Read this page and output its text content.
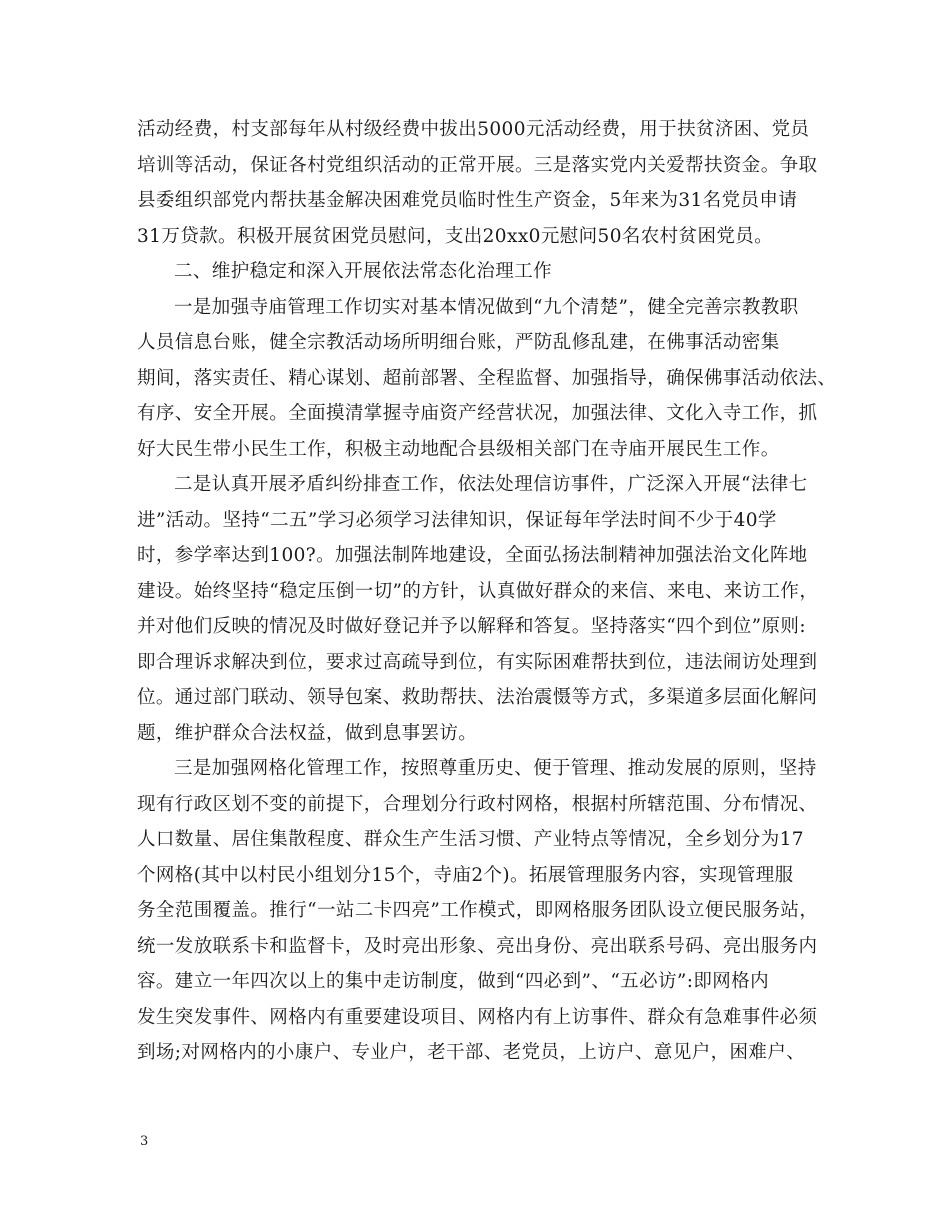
活动经费，村支部每年从村级经费中拔出5000元活动经费，用于扶贫济困、党员
培训等活动，保证各村党组织活动的正常开展。三是落实党内关爱帮扶资金。争取
县委组织部党内帮扶基金解决困难党员临时性生产资金，5年来为31名党员申请
31万贷款。积极开展贫困党员慰问，支出20xx0元慰问50名农村贫困党员。
二、维护稳定和深入开展依法常态化治理工作
一是加强寺庙管理工作切实对基本情况做到“九个清楚”，健全完善宗教教职
人员信息台账，健全宗教活动场所明细台账，严防乱修乱建，在佛事活动密集
期间，落实责任、精心谋划、超前部署、全程监督、加强指导，确保佛事活动依法、
有序、安全开展。全面摸清掌握寺庙资产经营状况，加强法律、文化入寺工作，抓
好大民生带小民生工作，积极主动地配合县级相关部门在寺庙开展民生工作。
二是认真开展矛盾纠纷排查工作，依法处理信访事件，广泛深入开展“法律七
进”活动。坚持“二五”学习必须学习法律知识，保证每年学法时间不少于40学
时，参学率达到100?。加强法制阵地建设，全面弘扬法制精神加强法治文化阵地
建设。始终坚持“稳定压倒一切”的方针，认真做好群众的来信、来电、来访工作，
并对他们反映的情况及时做好登记并予以解释和答复。坚持落实“四个到位”原则:
即合理诉求解决到位，要求过高疏导到位，有实际困难帮扶到位，违法闹访处理到
位。通过部门联动、领导包案、救助帮扶、法治震慑等方式，多渠道多层面化解问
题，维护群众合法权益，做到息事罢访。
三是加强网格化管理工作，按照尊重历史、便于管理、推动发展的原则，坚持
现有行政区划不变的前提下，合理划分行政村网格，根据村所辖范围、分布情况、
人口数量、居住集散程度、群众生产生活习惯、产业特点等情况，全乡划分为17
个网格(其中以村民小组划分15个，寺庙2个)。拓展管理服务内容，实现管理服
务全范围覆盖。推行“一站二卡四亮”工作模式，即网格服务团队设立便民服务站，
统一发放联系卡和监督卡，及时亮出形象、亮出身份、亮出联系号码、亮出服务内
容。建立一年四次以上的集中走访制度，做到“四必到”、“五必访”:即网格内
发生突发事件、网格内有重要建设项目、网格内有上访事件、群众有急难事件必须
到场;对网格内的小康户、专业户，老干部、老党员，上访户、意见户，困难户、
3
